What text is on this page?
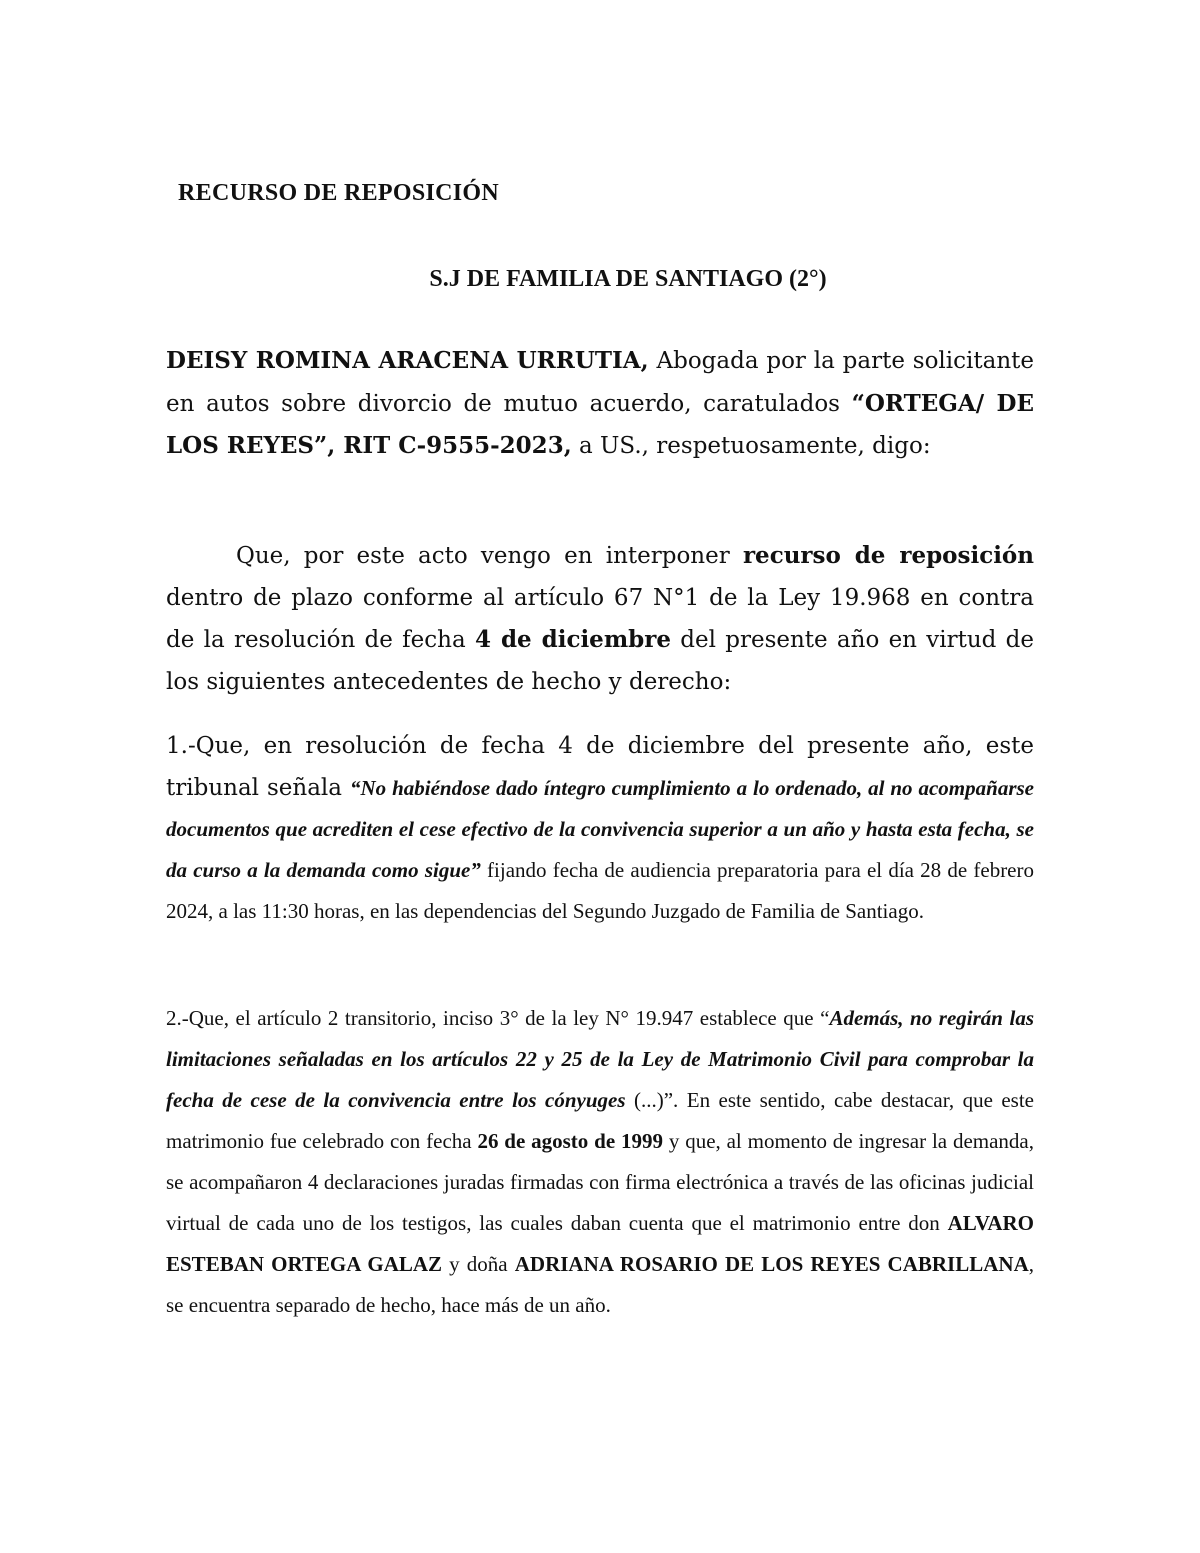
RECURSO DE REPOSICIÓN
S.J DE FAMILIA DE SANTIAGO (2°)
DEISY ROMINA ARACENA URRUTIA, Abogada por la parte solicitante en autos sobre divorcio de mutuo acuerdo, caratulados “ORTEGA/ DE LOS REYES”, RIT C-9555-2023, a US., respetuosamente, digo:
Que, por este acto vengo en interponer recurso de reposición dentro de plazo conforme al artículo 67 N°1 de la Ley 19.968 en contra de la resolución de fecha 4 de diciembre del presente año en virtud de los siguientes antecedentes de hecho y derecho:
1.-Que, en resolución de fecha 4 de diciembre del presente año, este tribunal señala “No habiéndose dado íntegro cumplimiento a lo ordenado, al no acompañarse documentos que acrediten el cese efectivo de la convivencia superior a un año y hasta esta fecha, se da curso a la demanda como sigue” fijando fecha de audiencia preparatoria para el día 28 de febrero 2024, a las 11:30 horas, en las dependencias del Segundo Juzgado de Familia de Santiago.
2.-Que, el artículo 2 transitorio, inciso 3° de la ley N° 19.947 establece que “Además, no regirán las limitaciones señaladas en los artículos 22 y 25 de la Ley de Matrimonio Civil para comprobar la fecha de cese de la convivencia entre los cónyuges (...)”. En este sentido, cabe destacar, que este matrimonio fue celebrado con fecha 26 de agosto de 1999 y que, al momento de ingresar la demanda, se acompañaron 4 declaraciones juradas firmadas con firma electrónica a través de las oficinas judicial virtual de cada uno de los testigos, las cuales daban cuenta que el matrimonio entre don ALVARO ESTEBAN ORTEGA GALAZ y doña ADRIANA ROSARIO DE LOS REYES CABRILLANA, se encuentra separado de hecho, hace más de un año.
